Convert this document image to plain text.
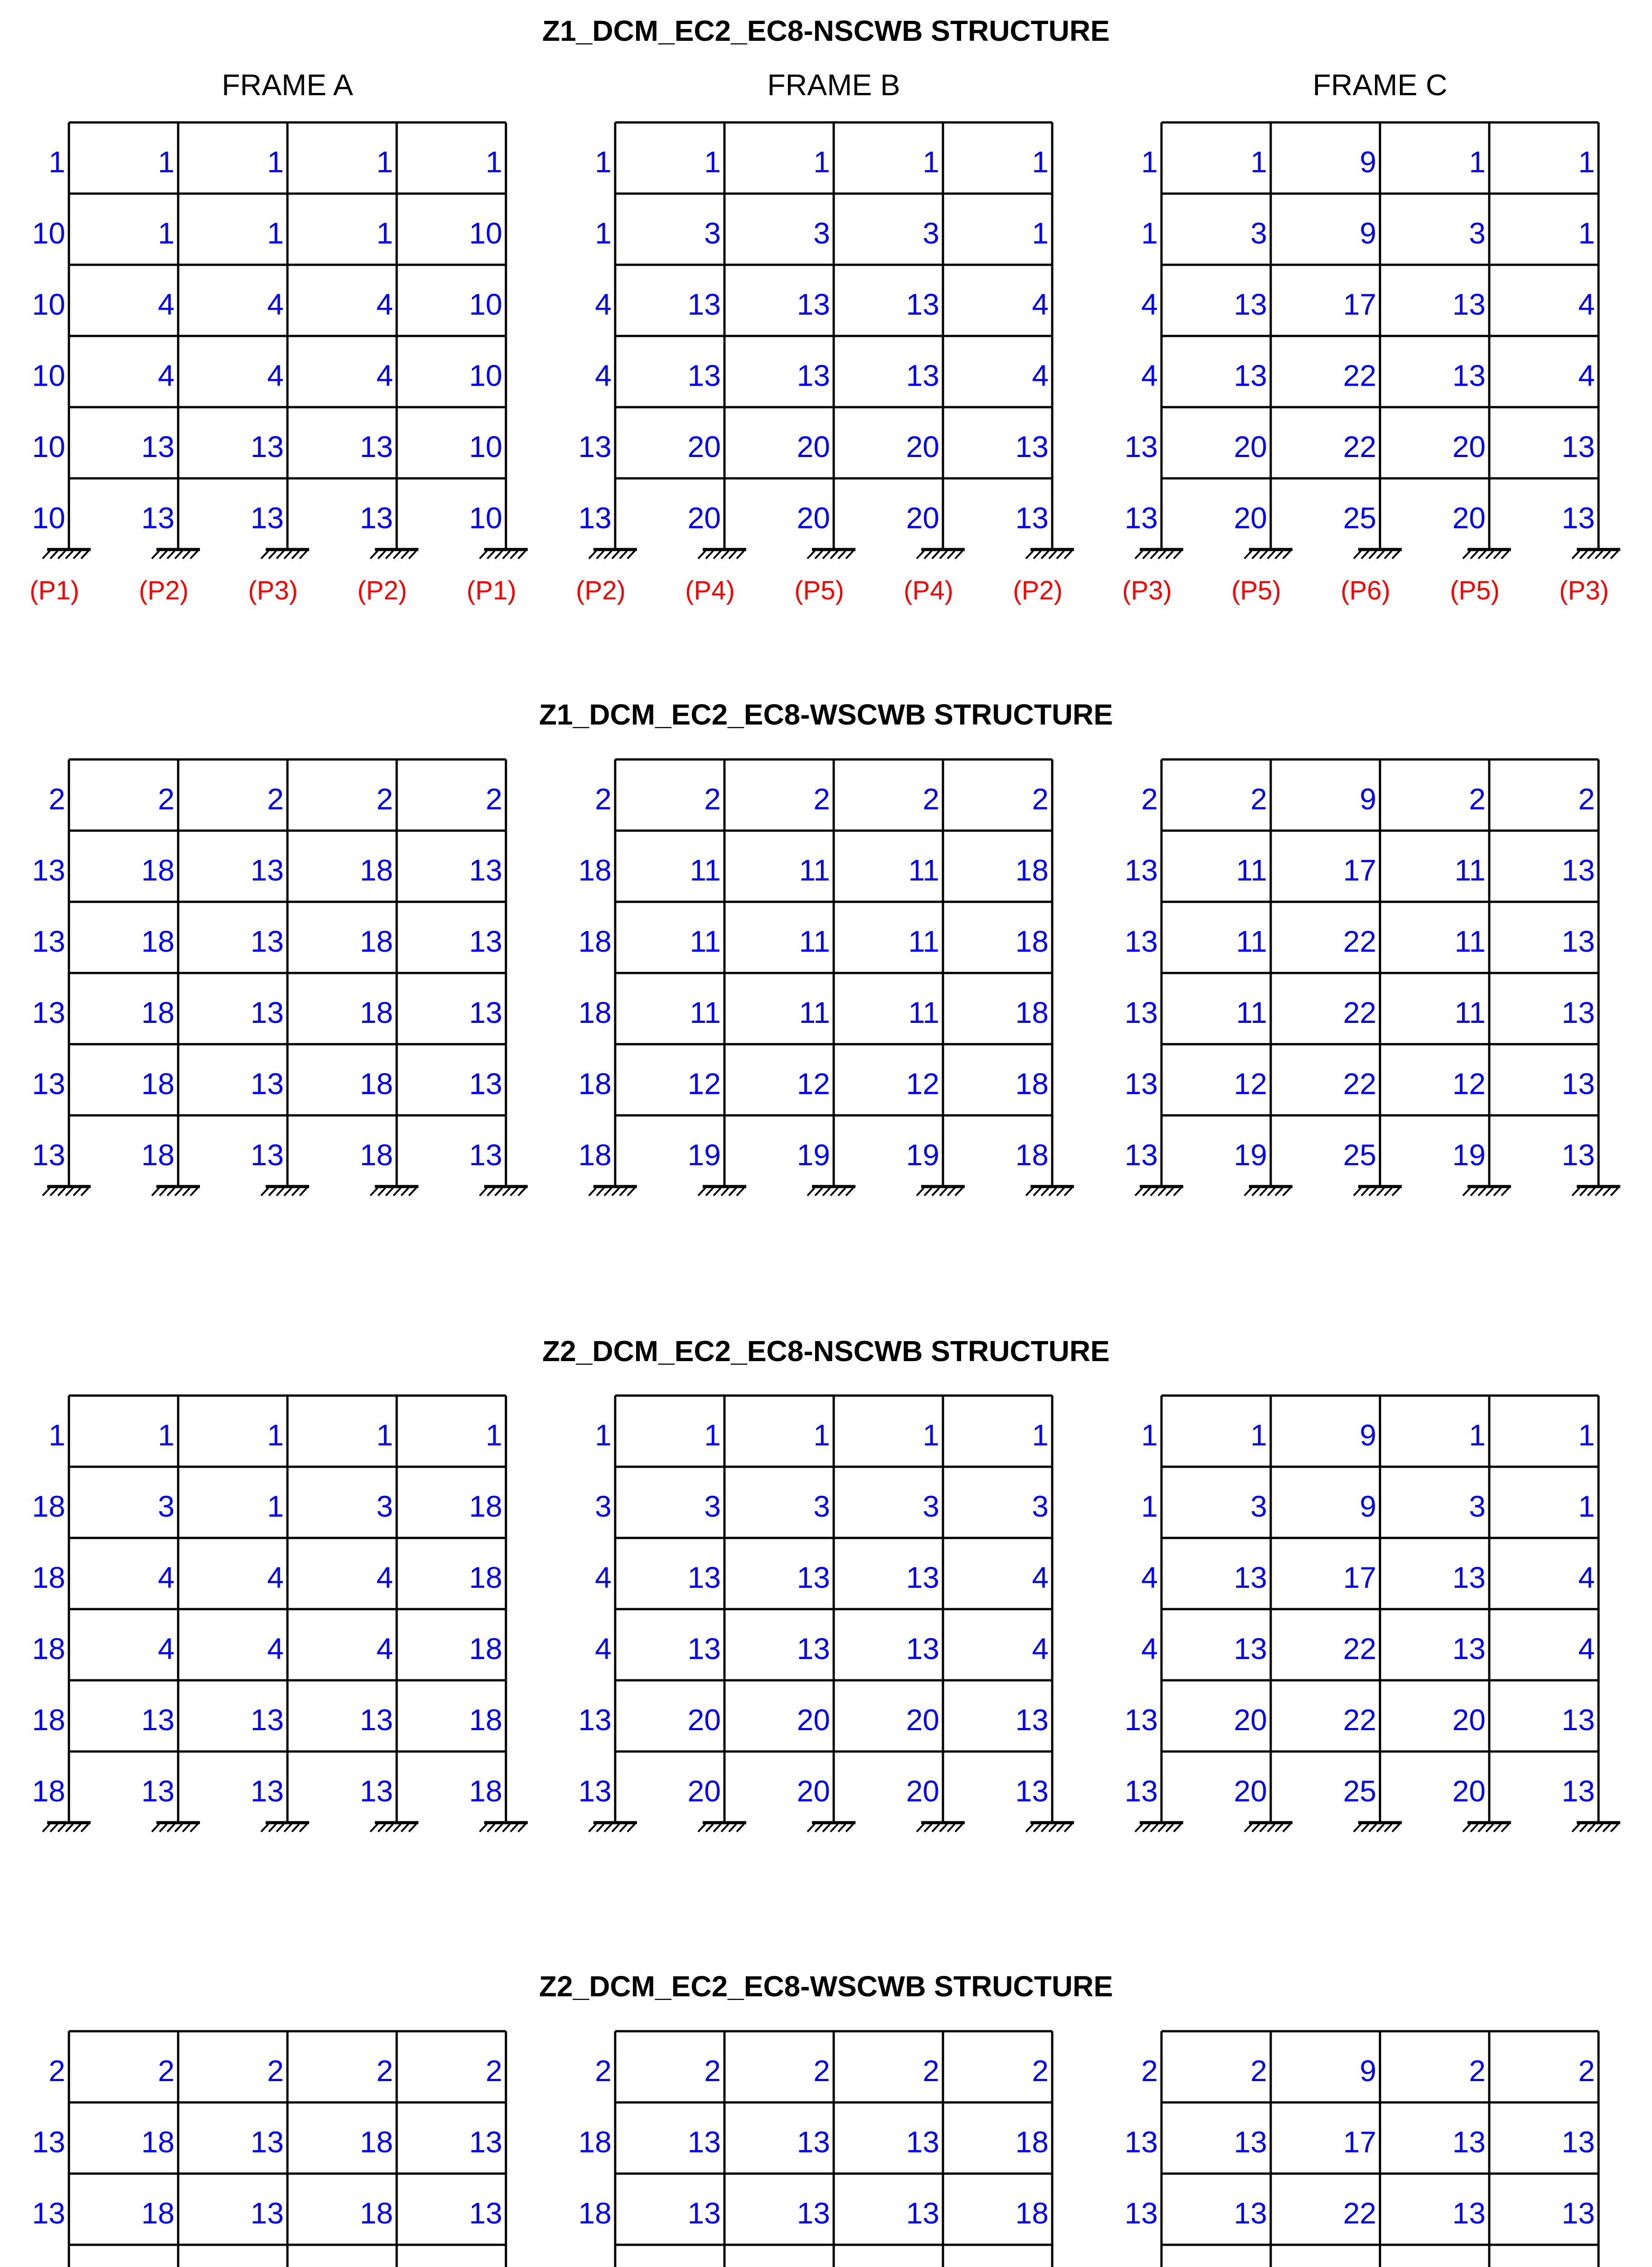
FRAME A	FRAME B	FRAME C
Z1_DCM_EC2_EC8-NSCWB STRUCTURE
1	1	1	1	1
10	1	1	1	10
10	4	4	4	10
10	4	4	4	10
10	13	13	13	10
10	13	13	13	10
(P1) (P2) (P3) (P2) (P1)
1	1	1	1	1
1	3	3	3	1
4	13	13	13	4
4	13	13	13	4
13	20	20	20	13
13	20	20	20	13
(P2) (P4) (P5) (P4) (P2)
1	1	9	1	1
1	3	9	3	1
4	13	17	13	4
4	13	22	13	4
13	20	22	20	13
13	20	25	20	13
(P3) (P5) (P6) (P5) (P3)
Z1_DCM_EC2_EC8-WSCWB STRUCTURE
2	2	2	2	2
13	18	13	18	13
13	18	13	18	13
13	18	13	18	13
13	18	13	18	13
13	18	13	18	13
2	2	2	2	2
18	11	11	11	18
18	11	11	11	18
18	11	11	11	18
18	12	12	12	18
18	19	19	19	18
2	2	9	2	2
13	11	17	11	13
13	11	22	11	13
13	11	22	11	13
13	12	22	12	13
13	19	25	19	13
Z2_DCM_EC2_EC8-NSCWB STRUCTURE
1	1	1	1	1
18	3	1	3	18
18	4	4	4	18
18	4	4	4	18
18	13	13	13	18
18	13	13	13	18
1	1	1	1	1
3	3	3	3	3
4	13	13	13	4
4	13	13	13	4
13	20	20	20	13
13	20	20	20	13
1	1	9	1	1
1	3	9	3	1
4	13	17	13	4
4	13	22	13	4
13	20	22	20	13
13	20	25	20	13
Z2_DCM_EC2_EC8-WSCWB STRUCTURE
2	2	2	2	2
13	18	13	18	13
13	18	13	18	13
2	2	2	2	2
18	13	13	13	18
18	13	13	13	18
2	2	9	2	2
13	13	17	13	13
13	13	22	13	13
